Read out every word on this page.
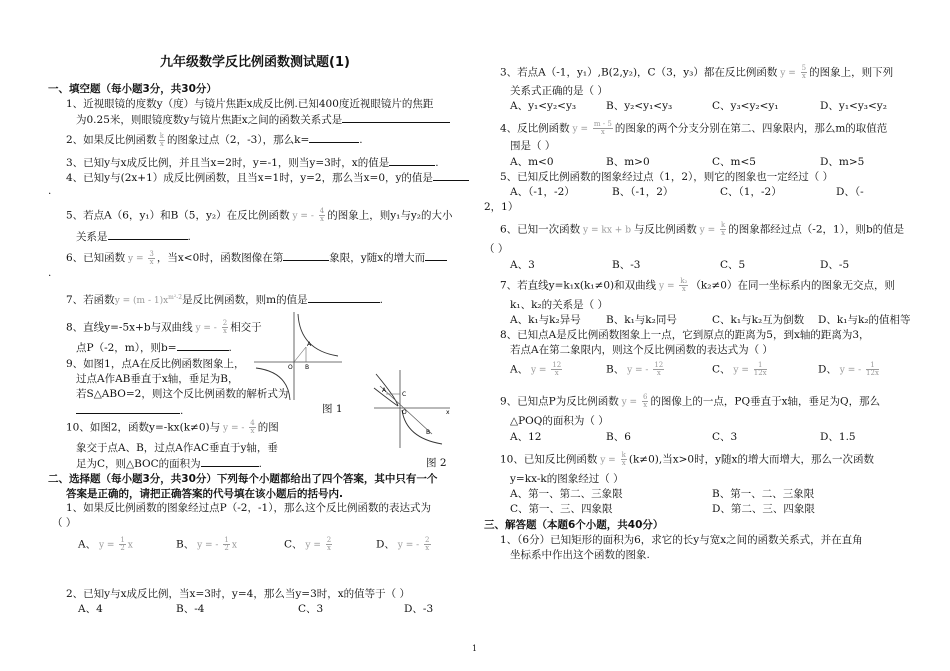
九年级数学反比例函数测试题(1)
一、填空题（每小题3分，共30分）
1、近视眼镜的度数y（度）与镜片焦距x成反比例.已知400度近视眼镜片的焦距
为0.25米，则眼镜度数y与镜片焦距x之间的函数关系式是
2、如果反比例函数 $\frac{k}{x}$ 的图象过点（2，-3），那么k=	.
3、已知y与x成反比例，并且当x=2时，y=-1，则当y=3时，x的值是	.
4、已知y与(2x+1）成反比例函数，且当x=1时，y=2，那么当x=0，y的值是
.
5、若点A（6，y₁）和B（5，y₂）在反比例函数 y = - $\frac{4}{x}$ 的图象上，则y₁与y₂的大小
关系是	.
6、已知函数 $y = \frac{3}{x}$ ，当x<0时，函数图像在第	象限，y随x的增大而
.
7、若函数$y = (m - 1)x^{m^2-2}$是反比例函数，则m的值是	.
8、直线y=-5x+b与双曲线 y = - $\frac{2}{x}$ 相交于
点P（-2，m），则b=	.
9、如图1，点A在反比例函数图象上，
过点A作AB垂直于x轴，垂足为B，
若S△ABO=2，则这个反比例函数的解析式为
.	图 1
10、如图2，函数y=-kx(k≠0)与 y = - $\frac{4}{x}$ 的图
象交于点A、B，过点A作AC垂直于y轴，垂
足为C，则△BOC的面积为	.	图 2
A
B
O
A
C
O
B
x
二、选择题（每小题3分，共30分）下列每个小题都给出了四个答案，其中只有一个
答案是正确的，请把正确答案的代号填在该小题后的括号内.
1、如果反比例函数的图象经过点P（-2，-1），那么这个反比例函数的表达式为
（ ）
A、 $y = \frac{1}{2}$ x	B、 y = - $\frac{1}{2}$ x	C、 $y = \frac{2}{x}$	D、 y = - $\frac{2}{x}$
2、已知y与x成反比例，当x=3时，y=4，那么当y=3时，x的值等于（ ）
A、4	B、-4	C、3	D、-3
3、若点A（-1，y₁）,B(2,y₂)，C（3，y₃）都在反比例函数 $y = \frac{5}{x}$ 的图象上，则下列
关系式正确的是（ ）
A、y₁<y₂<y₃	B、y₂<y₁<y₃	C、y₃<y₂<y₁	D、y₁<y₃<y₂
4、反比例函数 $y = \frac{m - 5}{x}$ 的图象的两个分支分别在第二、四象限内，那么m的取值范
围是（ ）
A、m<0	B、m>0	C、m<5	D、m>5
5、已知反比例函数的图象经过点（1，2），则它的图象也一定经过（ ）
A、（-1，-2）	B、（-1，2）	C、（1，-2）	D、（-
2，1）
6、已知一次函数 y = kx + b 与反比例函数 $y = \frac{k}{x}$ 的图象都经过点（-2，1），则b的值是
（ ）
A、3	B、-3	C、5	D、-5
7、若直线y=k₁x(k₁≠0)和双曲线 $y = \frac{\text{k₂}}{x} (k_2\ne 0)$在同一坐标系内的图象无交点，则
k₁、k₂的关系是（ ）
A、k₁与k₂异号 B、k₁与k₂同号	C、k₁与k₂互为倒数 D、k₁与k₂的值相等
8、已知点A是反比例函数图象上一点，它到原点的距离为5，到x轴的距离为3，
若点A在第二象限内，则这个反比例函数的表达式为（ ）
A、 $y = \frac{12}{x}$	B、 y = - $\frac{12}{x}$	C、 $y = \frac{1}{12x}$	D、 y = - $\frac{1}{12x}$
9、已知点P为反比例函数 $y = \frac{6}{x}$ 的图像上的一点，PQ垂直于x轴，垂足为Q，那么
△POQ的面积为（ ）
A、12	B、6	C、3	D、1.5
10、已知反比例函数 $y = \frac{k}{x} (k\ne 0)$,当x>0时，y随x的增大而增大，那么一次函数
y=kx-k的图象经过（ ）
A、第一、第二、三象限	B、第一、二、三象限
C、第一、三、四象限	D、第二、三、四象限
三、解答题（本题6个小题，共40分）
1、（6分）已知矩形的面积为6，求它的长y与宽x之间的函数关系式，并在直角
坐标系中作出这个函数的图象.
1
